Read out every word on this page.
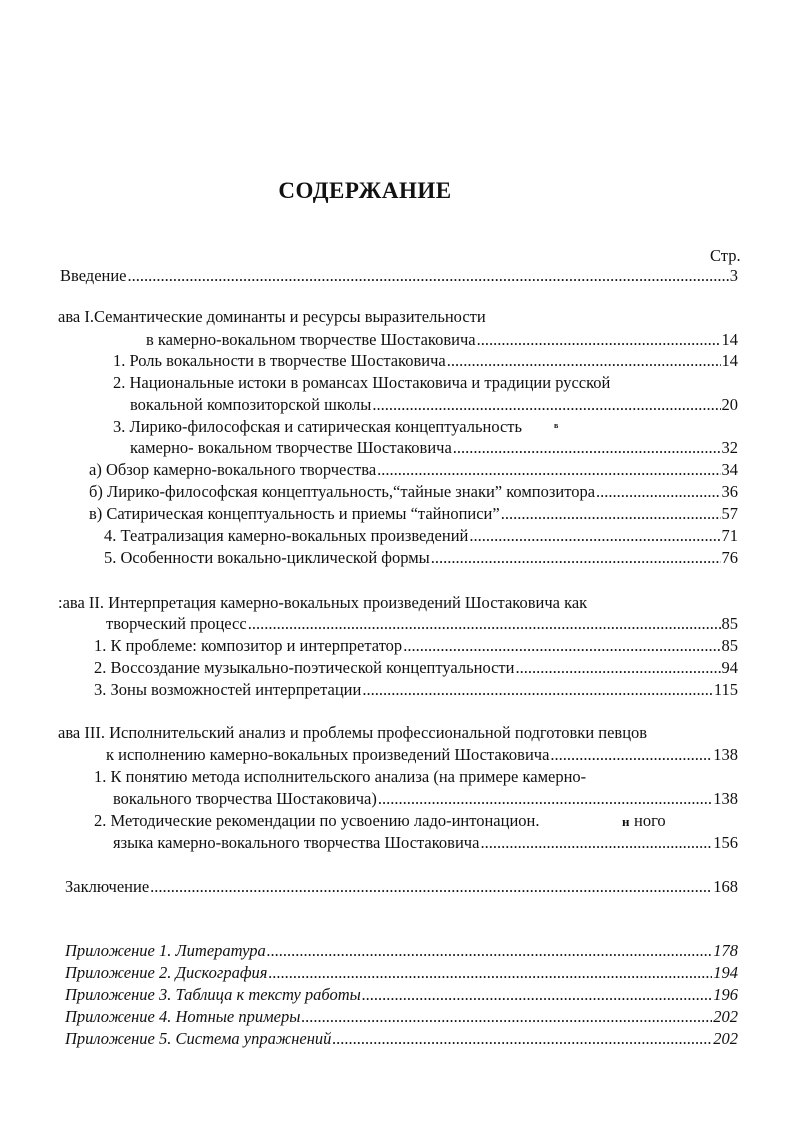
СОДЕРЖАНИЕ
Стр.
Введение .....	3
ава I.Семантические доминанты и ресурсы выразительности
в камерно-вокальном творчестве Шостаковича .....	14
1. Роль вокальности в творчестве Шостаковича .....	14
2. Национальные истоки в романсах Шостаковича и традиции русской
вокальной композиторской школы .....	20
3. Лирико-философская и сатирическая концептуальность	в
камерно- вокальном творчестве Шостаковича .....	32
а) Обзор камерно-вокального творчества .....	34
б) Лирико-философская концептуальность,“тайные знаки” композитора .....	36
в) Сатирическая концептуальность и приемы “тайнописи” .....	57
4. Театрализация камерно-вокальных произведений .....	71
5. Особенности вокально-циклической формы .....	76
:ава II. Интерпретация камерно-вокальных произведений Шостаковича как
творческий процесс .....	85
1. К проблеме: композитор и интерпретатор .....	85
2. Воссоздание музыкально-поэтической концептуальности .....	94
3. Зоны возможностей интерпретации .....	115
ава III. Исполнительский анализ и проблемы профессиональной подготовки певцов
к исполнению камерно-вокальных произведений Шостаковича .....	138
1. К понятию метода исполнительского анализа (на примере камерно-
вокального творчества Шостаковича) .....	138
2. Методические рекомендации по усвоению ладо-интонацион.	н ного
языка камерно-вокального творчества Шостаковича .....	156
Заключение .....	168
Приложение 1. Литература .....	178
Приложение 2. Дискография .....	194
Приложение 3. Таблица к тексту работы .....	196
Приложение 4. Нотные примеры .....	202
Приложение 5. Система упражнений .....	202
